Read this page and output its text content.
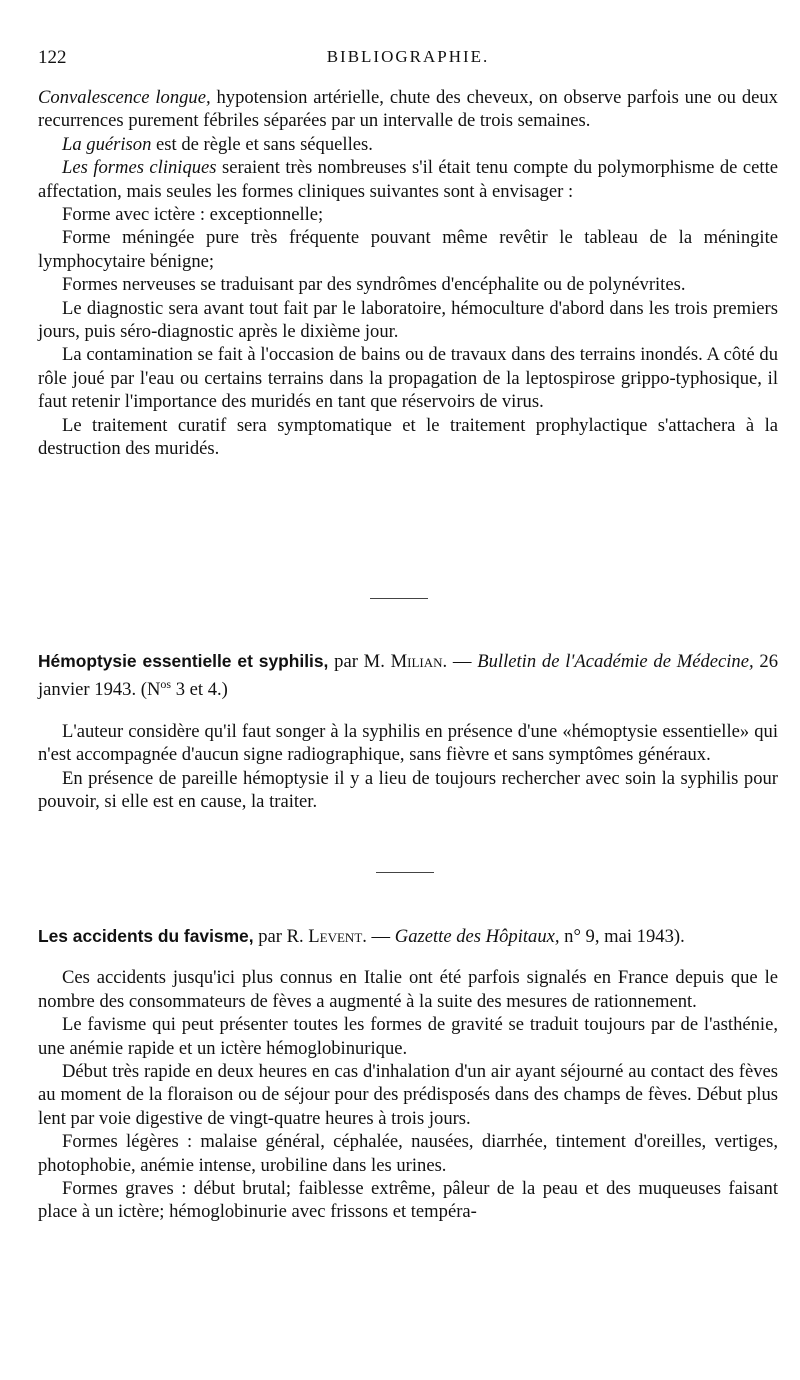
122	BIBLIOGRAPHIE.

Convalescence longue, hypotension artérielle, chute des cheveux, on observe parfois une ou deux recurrences purement fébriles séparées par un intervalle de trois semaines.

La guérison est de règle et sans séquelles.

Les formes cliniques seraient très nombreuses s'il était tenu compte du polymorphisme de cette affectation, mais seules les formes cliniques suivantes sont à envisager :

Forme avec ictère : exceptionnelle;

Forme méningée pure très fréquente pouvant même revêtir le tableau de la méningite lymphocytaire bénigne;

Formes nerveuses se traduisant par des syndrômes d'encéphalite ou de polynévrites.

Le diagnostic sera avant tout fait par le laboratoire, hémoculture d'abord dans les trois premiers jours, puis séro-diagnostic après le dixième jour.

La contamination se fait à l'occasion de bains ou de travaux dans des terrains inondés. A côté du rôle joué par l'eau ou certains terrains dans la propagation de la leptospirose grippo-typhosique, il faut retenir l'importance des muridés en tant que réservoirs de virus.

Le traitement curatif sera symptomatique et le traitement prophylactique s'attachera à la destruction des muridés.

Hémoptysie essentielle et syphilis, par M. Milian. — Bulletin de l'Académie de Médecine, 26 janvier 1943. ($N^{os}$ 3 et 4.)

L'auteur considère qu'il faut songer à la syphilis en présence d'une «hémoptysie essentielle» qui n'est accompagnée d'aucun signe radiographique, sans fièvre et sans symptômes généraux.

En présence de pareille hémoptysie il y a lieu de toujours rechercher avec soin la syphilis pour pouvoir, si elle est en cause, la traiter.

Les accidents du favisme, par R. Levent. — Gazette des Hôpitaux, n° 9, mai 1943).

Ces accidents jusqu'ici plus connus en Italie ont été parfois signalés en France depuis que le nombre des consommateurs de fèves a augmenté à la suite des mesures de rationnement.

Le favisme qui peut présenter toutes les formes de gravité se traduit toujours par de l'asthénie, une anémie rapide et un ictère hémoglobinurique.

Début très rapide en deux heures en cas d'inhalation d'un air ayant séjourné au contact des fèves au moment de la floraison ou de séjour pour des prédisposés dans des champs de fèves. Début plus lent par voie digestive de vingt-quatre heures à trois jours.

Formes légères : malaise général, céphalée, nausées, diarrhée, tintement d'oreilles, vertiges, photophobie, anémie intense, urobiline dans les urines.

Formes graves : début brutal; faiblesse extrême, pâleur de la peau et des muqueuses faisant place à un ictère; hémoglobinurie avec frissons et tempéra-
